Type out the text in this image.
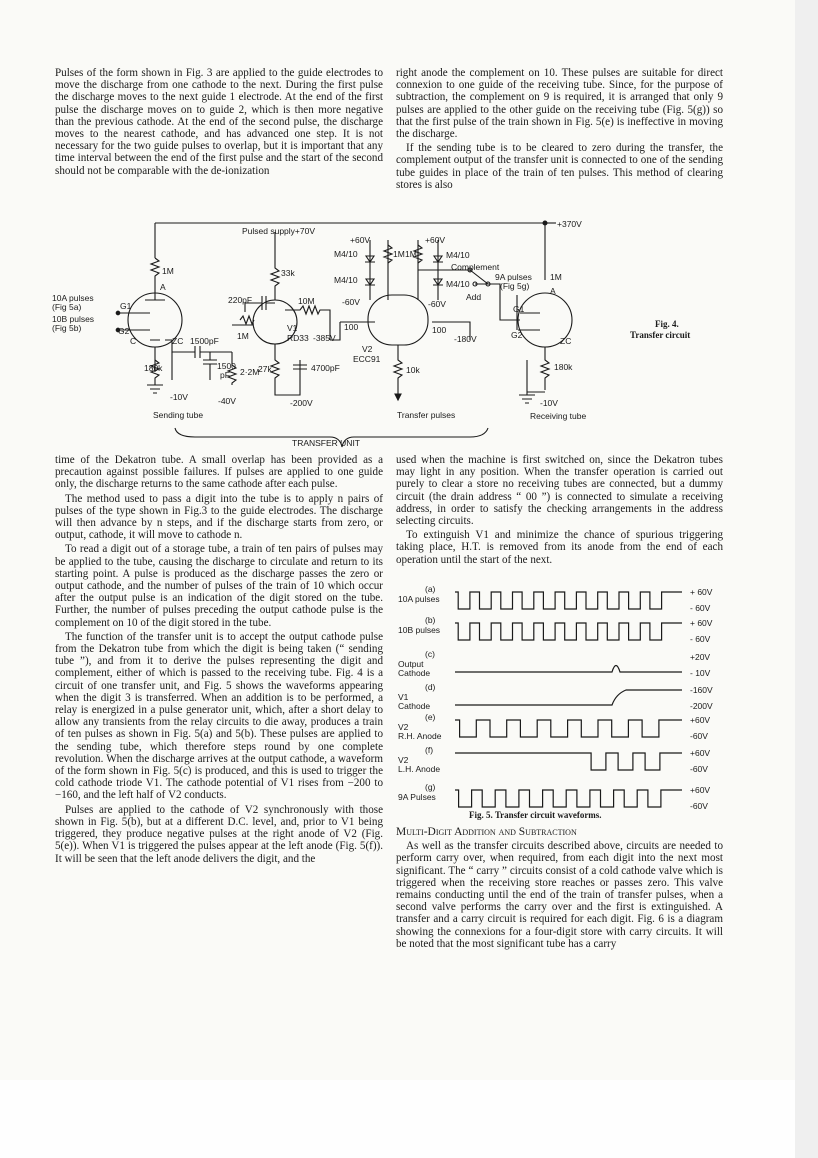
Pulses of the form shown in Fig. 3 are applied to the guide electrodes to move the discharge from one cathode to the next. During the first pulse the discharge moves to the next guide 1 electrode. At the end of the first pulse the discharge moves on to guide 2, which is then more negative than the previous cathode. At the end of the second pulse, the discharge moves to the nearest cathode, and has advanced one step. It is not necessary for the two guide pulses to overlap, but it is important that any time interval between the end of the first pulse and the start of the second should not be comparable with the de-ionization

right anode the complement on 10. These pulses are suitable for direct connexion to one guide of the receiving tube. Since, for the purpose of subtraction, the complement on 9 is required, it is arranged that only 9 pulses are applied to the other guide on the receiving tube (Fig. 5(g)) so that the first pulse of the train shown in Fig. 5(e) is ineffective in moving the discharge.

If the sending tube is to be cleared to zero during the transfer, the complement output of the transfer unit is connected to one of the sending tube guides in place of the train of ten pulses. This method of clearing stores is also

+370V
Pulsed supply+70V
10A pulses
(Fig 5a)
10B pulses
(Fig 5b)
G1
G2
A
C	ZC
1M
1M
33k
220pF	10M
V1
RD33 -385V
1500pF
1500
pF
180k	2·2M
27k	4700pF
-10V	-40V	-200V
+60V	+60V
M4/10
M4/10
M4/10
M4/10
-60V	-60V
1M 1M
Complement
Add
100	100
V2
ECC91
-180V
10k
9A pulses
(Fig 5g)
1M
180k
-10V
G1
G2
A
ZC
Sending tube	Transfer pulses	Receiving tube
TRANSFER UNIT
Fig. 4.
Transfer circuit

time of the Dekatron tube. A small overlap has been provided as a precaution against possible failures. If pulses are applied to one guide only, the discharge returns to the same cathode after each pulse.

The method used to pass a digit into the tube is to apply n pairs of pulses of the type shown in Fig.3 to the guide electrodes. The discharge will then advance by n steps, and if the discharge starts from zero, or output, cathode, it will move to cathode n.

To read a digit out of a storage tube, a train of ten pairs of pulses may be applied to the tube, causing the discharge to circulate and return to its starting point. A pulse is produced as the discharge passes the zero or output cathode, and the number of pulses of the train of 10 which occur after the output pulse is an indication of the digit stored on the tube. Further, the number of pulses preceding the output cathode pulse is the complement on 10 of the digit stored in the tube.

The function of the transfer unit is to accept the output cathode pulse from the Dekatron tube from which the digit is being taken (“ sending tube ”), and from it to derive the pulses representing the digit and complement, either of which is passed to the receiving tube. Fig. 4 is a circuit of one transfer unit, and Fig. 5 shows the waveforms appearing when the digit 3 is transferred. When an addition is to be performed, a relay is energized in a pulse generator unit, which, after a short delay to allow any transients from the relay circuits to die away, produces a train of ten pulses as shown in Fig. 5(a) and 5(b). These pulses are applied to the sending tube, which therefore steps round by one complete revolution. When the discharge arrives at the output cathode, a waveform of the form shown in Fig. 5(c) is produced, and this is used to trigger the cold cathode triode V1. The cathode potential of V1 rises from −200 to −160, and the left half of V2 conducts.

Pulses are applied to the cathode of V2 synchronously with those shown in Fig. 5(b), but at a different D.C. level, and, prior to V1 being triggered, they produce negative pulses at the right anode of V2 (Fig. 5(e)). When V1 is triggered the pulses appear at the left anode (Fig. 5(f)). It will be seen that the left anode delivers the digit, and the

used when the machine is first switched on, since the Dekatron tubes may light in any position. When the transfer operation is carried out purely to clear a store no receiving tubes are connected, but a dummy circuit (the drain address “ 00 ”) is connected to simulate a receiving address, in order to satisfy the checking arrangements in the address selecting circuits.

To extinguish V1 and minimize the chance of spurious triggering taking place, H.T. is removed from its anode from the end of each operation until the start of the next.

(a)
10A pulses
+ 60V
- 60V
(b)
10B pulses
+ 60V
- 60V
(c)
Output
Cathode
+20V
- 10V
(d)
V1
Cathode
-160V
-200V
(e)
V2
R.H. Anode
+60V
-60V
(f)
V2
L.H. Anode
+60V
-60V
(g)
9A Pulses
+60V
-60V
Fig. 5. Transfer circuit waveforms.

Multi-Digit Addition and Subtraction

As well as the transfer circuits described above, circuits are needed to perform carry over, when required, from each digit into the next most significant. The “ carry ” circuits consist of a cold cathode valve which is triggered when the receiving store reaches or passes zero. This valve remains conducting until the end of the train of transfer pulses, when a second valve performs the carry over and the first is extinguished. A transfer and a carry circuit is required for each digit. Fig. 6 is a diagram showing the connexions for a four-digit store with carry circuits. It will be noted that the most significant tube has a carry
